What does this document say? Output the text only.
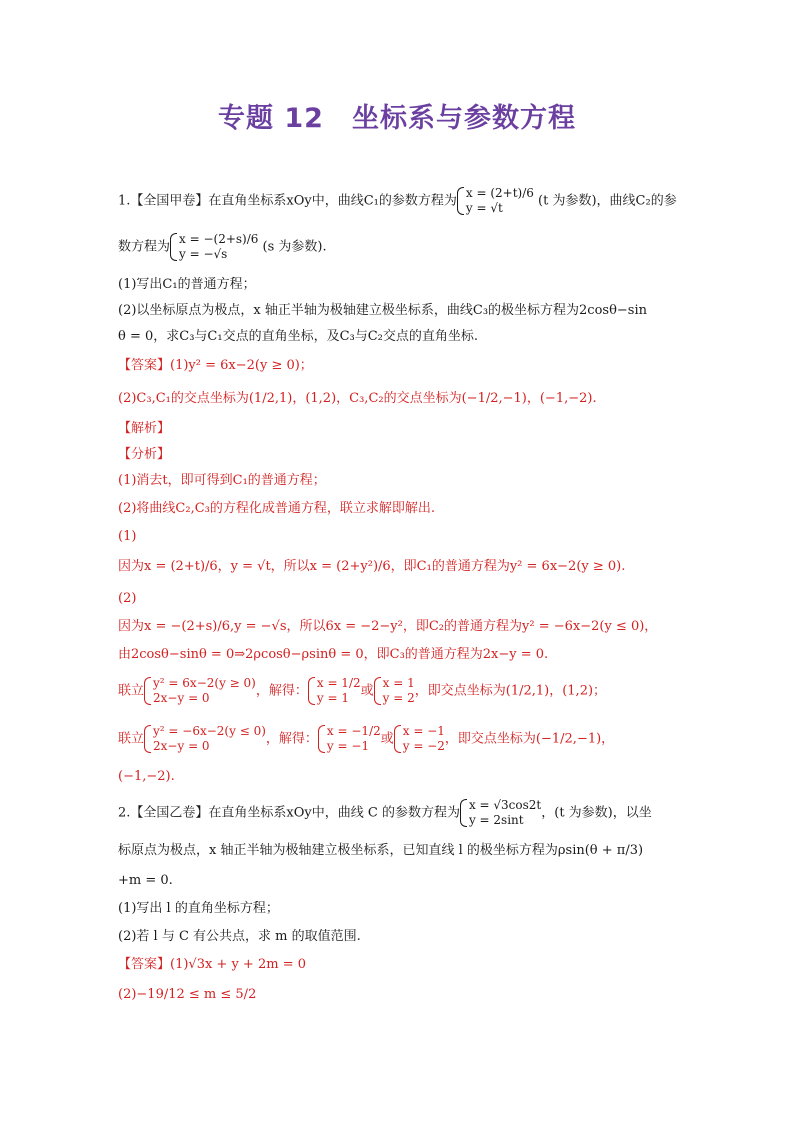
专题 12　坐标系与参数方程
1.【全国甲卷】在直角坐标系xOy中，曲线C₁的参数方程为
x = (2+t)/6
y = √t	(t 为参数)，曲线C₂的参
数方程为
x = −(2+s)/6
y = −√s	(s 为参数).
(1)写出C₁的普通方程；
(2)以坐标原点为极点，x 轴正半轴为极轴建立极坐标系，曲线C₃的极坐标方程为2cosθ−sin
θ = 0，求C₃与C₁交点的直角坐标，及C₃与C₂交点的直角坐标.
【答案】(1)y² = 6x−2(y ≥ 0)；
(2)C₃,C₁的交点坐标为(1/2,1)，(1,2)，C₃,C₂的交点坐标为(−1/2,−1)，(−1,−2).
【解析】
【分析】
(1)消去t，即可得到C₁的普通方程；
(2)将曲线C₂,C₃的方程化成普通方程，联立求解即解出.
(1)
因为x = (2+t)/6，y = √t，所以x = (2+y²)/6，即C₁的普通方程为y² = 6x−2(y ≥ 0).
(2)
因为x = −(2+s)/6,y = −√s，所以6x = −2−y²，即C₂的普通方程为y² = −6x−2(y ≤ 0)，
由2cosθ−sinθ = 0⇒2ρcosθ−ρsinθ = 0，即C₃的普通方程为2x−y = 0.
联立
y² = 6x−2(y ≥ 0)
2x−y = 0	，解得：
x = 1/2
y = 1 或
x = 1
y = 2 ，即交点坐标为(1/2,1)，(1,2)；
联立
y² = −6x−2(y ≤ 0)
2x−y = 0	，解得：
x = −1/2
y = −1 或
x = −1
y = −2 ，即交点坐标为(−1/2,−1)，
(−1,−2).
2.【全国乙卷】在直角坐标系xOy中，曲线 C 的参数方程为
x = √3cos2t
y = 2sint	，(t 为参数)，以坐
标原点为极点，x 轴正半轴为极轴建立极坐标系，已知直线 l 的极坐标方程为ρsin(θ + π/3)
+m = 0.
(1)写出 l 的直角坐标方程；
(2)若 l 与 C 有公共点，求 m 的取值范围.
【答案】(1)√3x + y + 2m = 0
(2)−19/12 ≤ m ≤ 5/2
